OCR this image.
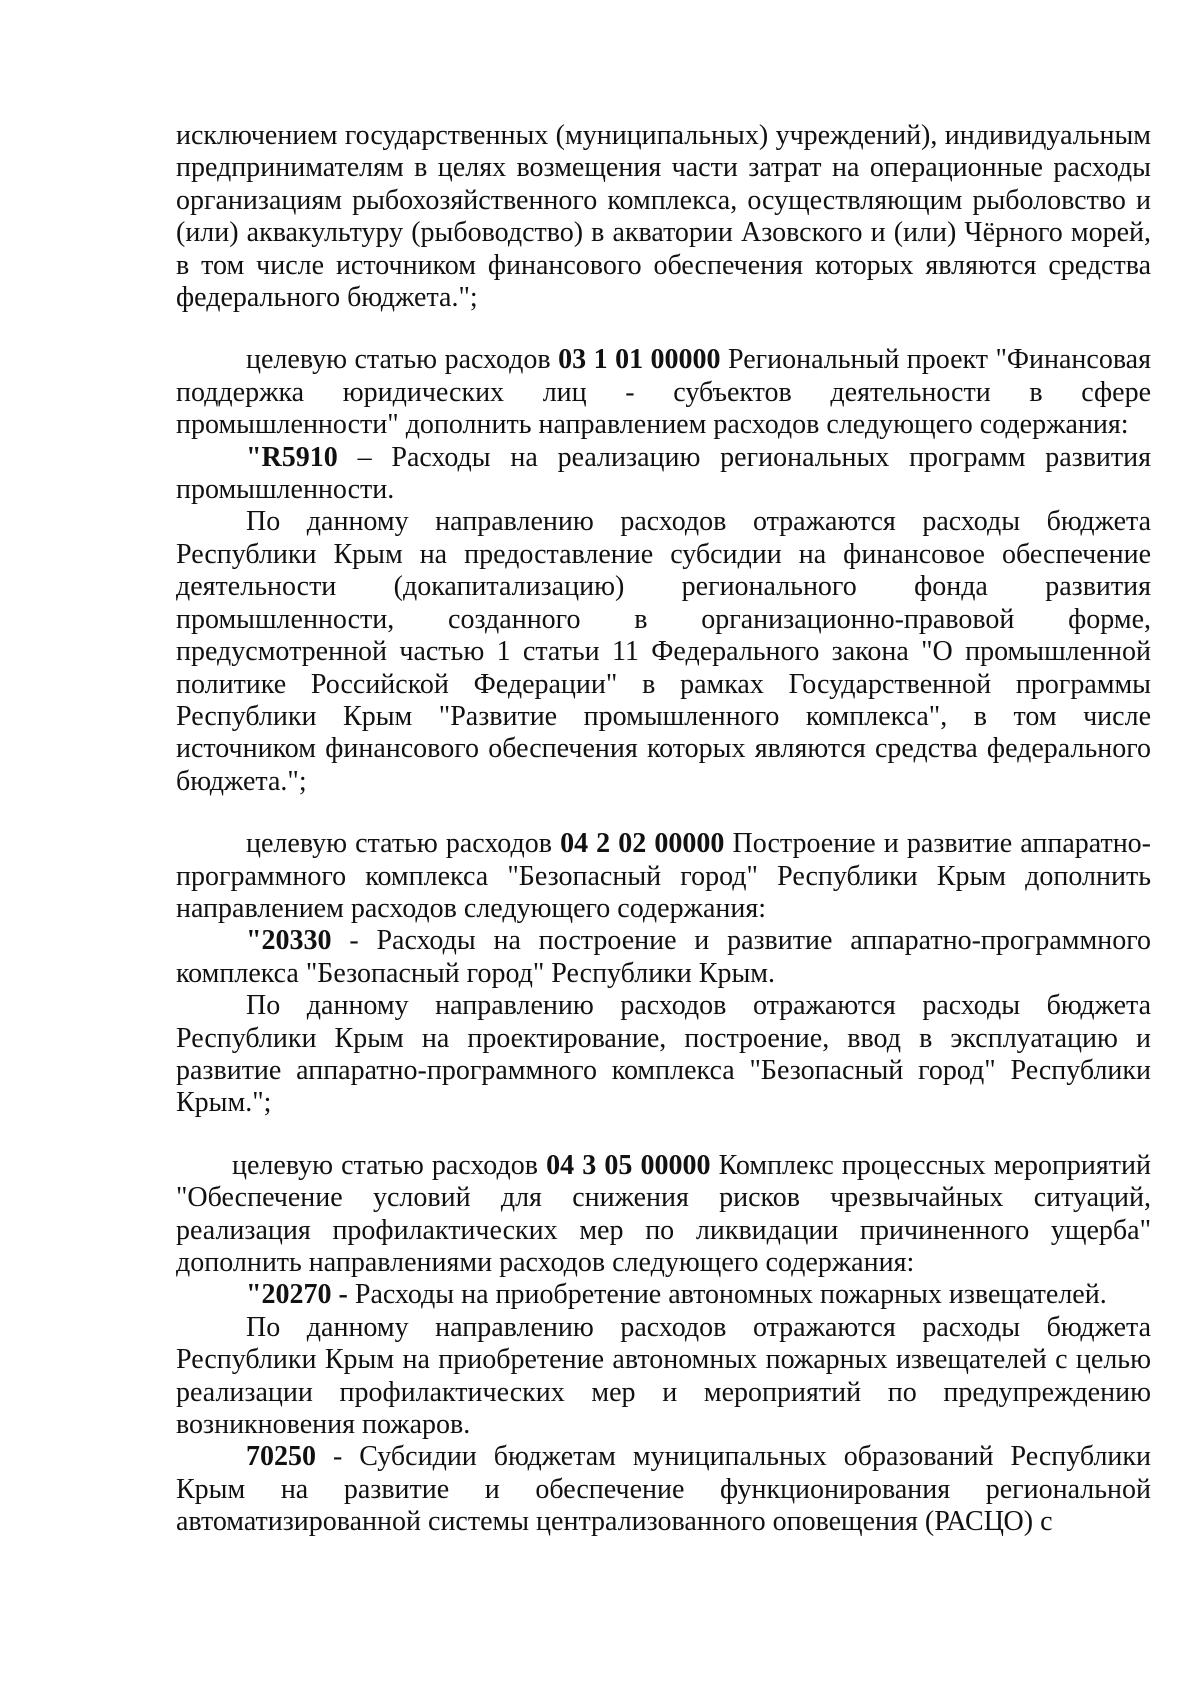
исключением государственных (муниципальных) учреждений), индивидуальным предпринимателям в целях возмещения части затрат на операционные расходы организациям рыбохозяйственного комплекса, осуществляющим рыболовство и (или) аквакультуру (рыбоводство) в акватории Азовского и (или) Чёрного морей, в том числе источником финансового обеспечения которых являются средства федерального бюджета.";

целевую статью расходов 03 1 01 00000 Региональный проект "Финансовая поддержка юридических лиц - субъектов деятельности в сфере промышленности" дополнить направлением расходов следующего содержания:

"R5910 – Расходы на реализацию региональных программ развития промышленности.

По данному направлению расходов отражаются расходы бюджета Республики Крым на предоставление субсидии на финансовое обеспечение деятельности (докапитализацию) регионального фонда развития промышленности, созданного в организационно-правовой форме, предусмотренной частью 1 статьи 11 Федерального закона "О промышленной политике Российской Федерации" в рамках Государственной программы Республики Крым "Развитие промышленного комплекса", в том числе источником финансового обеспечения которых являются средства федерального бюджета.";

целевую статью расходов 04 2 02 00000 Построение и развитие аппаратно-программного комплекса "Безопасный город" Республики Крым дополнить направлением расходов следующего содержания:

"20330 - Расходы на построение и развитие аппаратно-программного комплекса "Безопасный город" Республики Крым.

По данному направлению расходов отражаются расходы бюджета Республики Крым на проектирование, построение, ввод в эксплуатацию и развитие аппаратно-программного комплекса "Безопасный город" Республики Крым.";

целевую статью расходов 04 3 05 00000 Комплекс процессных мероприятий "Обеспечение условий для снижения рисков чрезвычайных ситуаций, реализация профилактических мер по ликвидации причиненного ущерба" дополнить направлениями расходов следующего содержания:

"20270 - Расходы на приобретение автономных пожарных извещателей.

По данному направлению расходов отражаются расходы бюджета Республики Крым на приобретение автономных пожарных извещателей с целью реализации профилактических мер и мероприятий по предупреждению возникновения пожаров.

70250 - Субсидии бюджетам муниципальных образований Республики Крым на развитие и обеспечение функционирования региональной автоматизированной системы централизованного оповещения (РАСЦО) с
